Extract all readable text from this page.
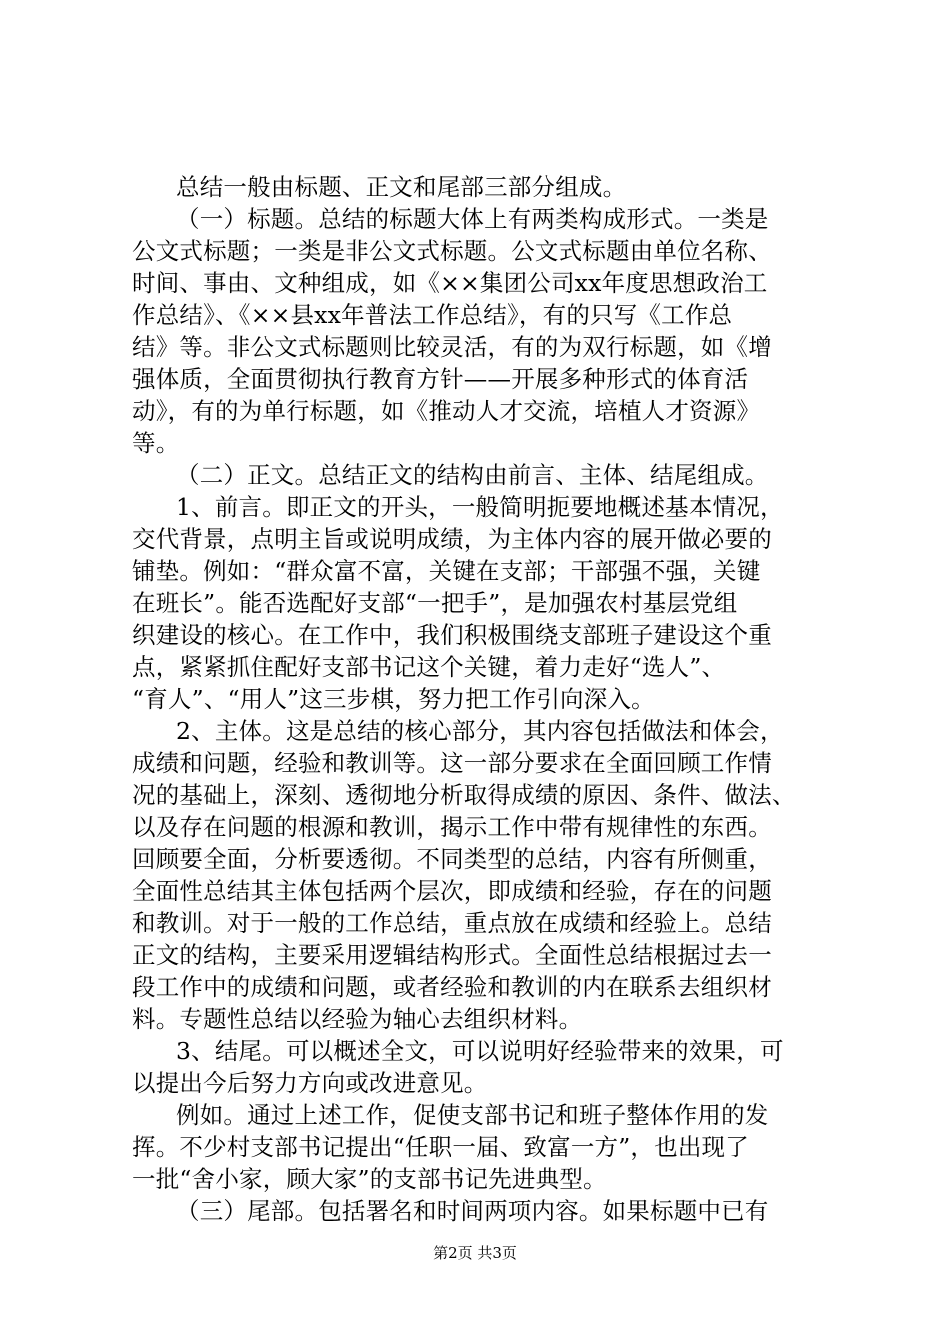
总结一般由标题、正文和尾部三部分组成。
（一）标题。总结的标题大体上有两类构成形式。一类是
公文式标题；一类是非公文式标题。公文式标题由单位名称、
时间、事由、文种组成，如《××集团公司xx年度思想政治工
作总结》、《××县xx年普法工作总结》，有的只写《工作总
结》等。非公文式标题则比较灵活，有的为双行标题，如《增
强体质，全面贯彻执行教育方针——开展多种形式的体育活
动》，有的为单行标题，如《推动人才交流，培植人才资源》
等。
（二）正文。总结正文的结构由前言、主体、结尾组成。
1、前言。即正文的开头，一般简明扼要地概述基本情况，
交代背景，点明主旨或说明成绩，为主体内容的展开做必要的
铺垫。例如：“群众富不富，关键在支部；干部强不强，关键
在班长”。能否选配好支部“一把手”，是加强农村基层党组
织建设的核心。在工作中，我们积极围绕支部班子建设这个重
点，紧紧抓住配好支部书记这个关键，着力走好“选人”、
“育人”、“用人”这三步棋，努力把工作引向深入。
2、主体。这是总结的核心部分，其内容包括做法和体会，
成绩和问题，经验和教训等。这一部分要求在全面回顾工作情
况的基础上，深刻、透彻地分析取得成绩的原因、条件、做法、
以及存在问题的根源和教训，揭示工作中带有规律性的东西。
回顾要全面，分析要透彻。不同类型的总结，内容有所侧重，
全面性总结其主体包括两个层次，即成绩和经验，存在的问题
和教训。对于一般的工作总结，重点放在成绩和经验上。总结
正文的结构，主要采用逻辑结构形式。全面性总结根据过去一
段工作中的成绩和问题，或者经验和教训的内在联系去组织材
料。专题性总结以经验为轴心去组织材料。
3、结尾。可以概述全文，可以说明好经验带来的效果，可
以提出今后努力方向或改进意见。
例如。通过上述工作，促使支部书记和班子整体作用的发
挥。不少村支部书记提出“任职一届、致富一方”，也出现了
一批“舍小家，顾大家”的支部书记先进典型。
（三）尾部。包括署名和时间两项内容。如果标题中已有
第2页 共3页
